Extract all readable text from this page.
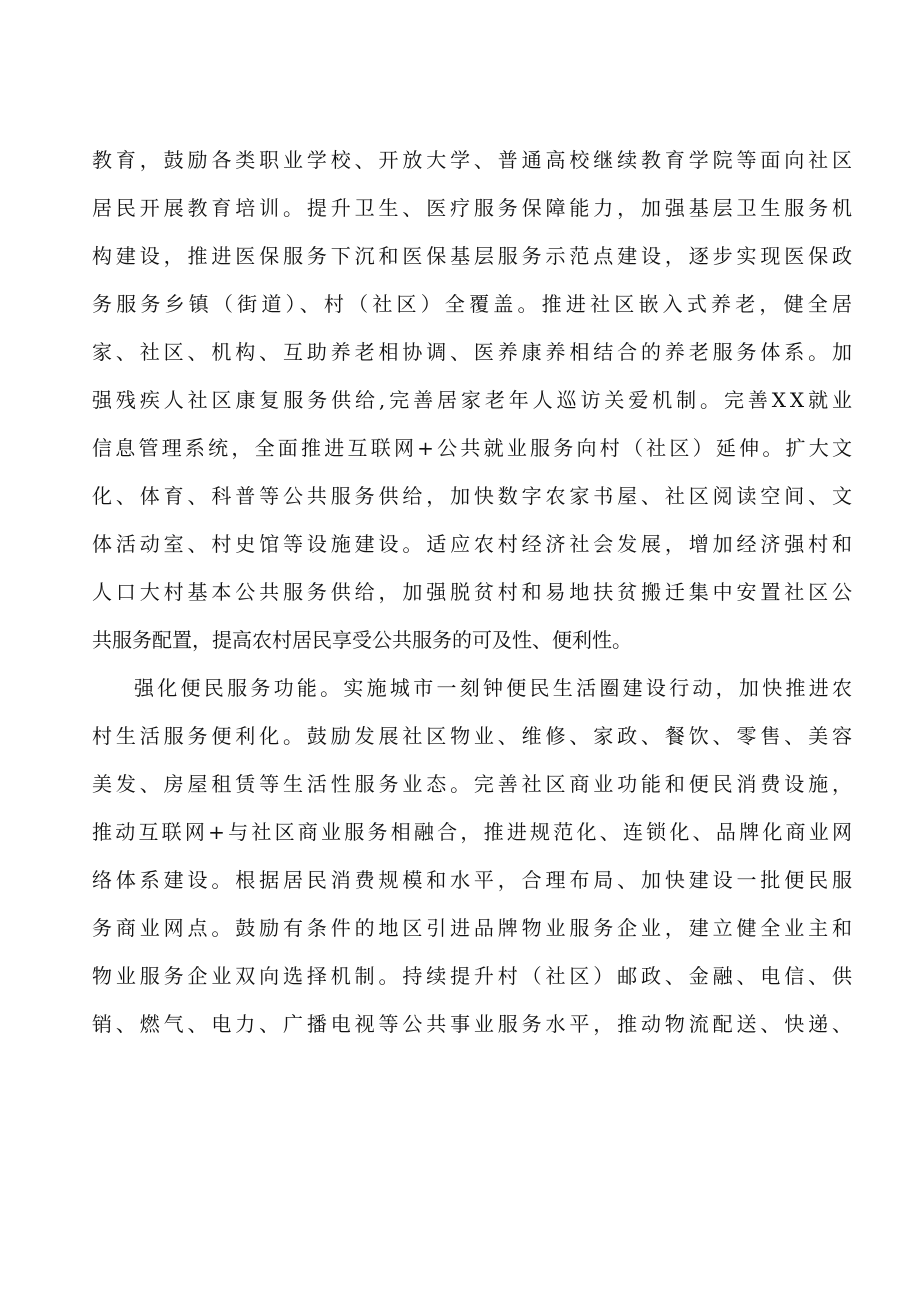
教育，鼓励各类职业学校、开放大学、普通高校继续教育学院等面向社区
居民开展教育培训。提升卫生、医疗服务保障能力，加强基层卫生服务机
构建设，推进医保服务下沉和医保基层服务示范点建设，逐步实现医保政
务服务乡镇（街道）、村（社区）全覆盖。推进社区嵌入式养老，健全居
家、社区、机构、互助养老相协调、医养康养相结合的养老服务体系。加
强残疾人社区康复服务供给,完善居家老年人巡访关爱机制。完善XX就业
信息管理系统，全面推进互联网+公共就业服务向村（社区）延伸。扩大文
化、体育、科普等公共服务供给，加快数字农家书屋、社区阅读空间、文
体活动室、村史馆等设施建设。适应农村经济社会发展，增加经济强村和
人口大村基本公共服务供给，加强脱贫村和易地扶贫搬迁集中安置社区公
共服务配置，提高农村居民享受公共服务的可及性、便利性。
强化便民服务功能。实施城市一刻钟便民生活圈建设行动，加快推进农
村生活服务便利化。鼓励发展社区物业、维修、家政、餐饮、零售、美容
美发、房屋租赁等生活性服务业态。完善社区商业功能和便民消费设施，
推动互联网+与社区商业服务相融合，推进规范化、连锁化、品牌化商业网
络体系建设。根据居民消费规模和水平，合理布局、加快建设一批便民服
务商业网点。鼓励有条件的地区引进品牌物业服务企业，建立健全业主和
物业服务企业双向选择机制。持续提升村（社区）邮政、金融、电信、供
销、燃气、电力、广播电视等公共事业服务水平，推动物流配送、快递、
